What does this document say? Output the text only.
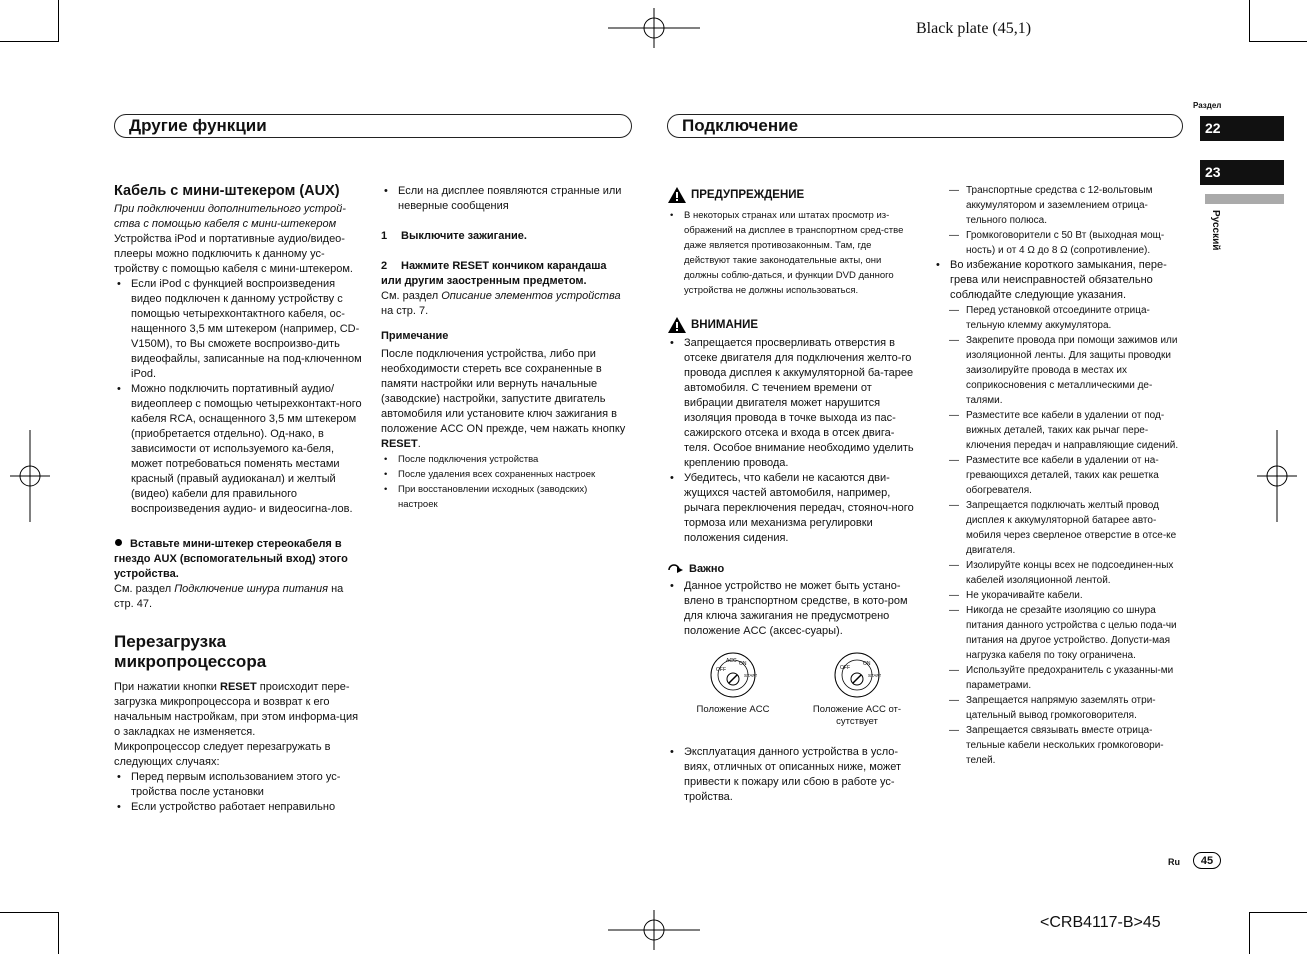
Black plate (45,1)
<CRB4117-B>45
Другие функции	Подключение
Раздел
22
23
Русский
Ru	45
Кабель с мини-штекером (AUX)

При подключении дополнительного устрой-ства с помощью кабеля с мини-штекером

Устройства iPod и портативные аудио/видео-плееры можно подключить к данному ус-тройству с помощью кабеля с мини-штекером.

• Если iPod с функцией воспроизведения видео подключен к данному устройству с помощью четырехконтактного кабеля, ос-нащенного 3,5 мм штекером (например, CD-V150M), то Вы сможете воспроизво-дить видеофайлы, записанные на под-ключенном iPod.
• Можно подключить портативный аудио/видеоплеер с помощью четырехконтакт-ного кабеля RCA, оснащенного 3,5 мм штекером (приобретается отдельно). Од-нако, в зависимости от используемого ка-беля, может потребоваться поменять местами красный (правый аудиоканал) и желтый (видео) кабели для правильного воспроизведения аудио- и видеосигна-лов.

Вставьте мини-штекер стереокабеля в гнездо AUX (вспомогательный вход) этого устройства.

См. раздел Подключение шнура питания на стр. 47.

Перезагрузка микропроцессора

При нажатии кнопки RESET происходит пере-загрузка микропроцессора и возврат к его начальным настройкам, при этом информа-ция о закладках не изменяется.

Микропроцессор следует перезагружать в следующих случаях:

• Перед первым использованием этого ус-тройства после установки
• Если устройство работает неправильно
• Если на дисплее появляются странные или неверные сообщения

1 Выключите зажигание.

2 Нажмите RESET кончиком карандаша или другим заостренным предметом.

См. раздел Описание элементов устройства на стр. 7.

Примечание

После подключения устройства, либо при необходимости стереть все сохраненные в памяти настройки или вернуть начальные (заводские) настройки, запустите двигатель автомобиля или установите ключ зажигания в положение ACC ON прежде, чем нажать кнопку RESET.

• После подключения устройства
• После удаления всех сохраненных настроек
• При восстановлении исходных (заводских) настроек
ПРЕДУПРЕЖДЕНИЕ
• В некоторых странах или штатах просмотр из-ображений на дисплее в транспортном сред-стве даже является противозаконным. Там, где действуют такие законодательные акты, они должны соблю-даться, и функции DVD данного устройства не должны использоваться.
ВНИМАНИЕ
• Запрещается просверливать отверстия в отсеке двигателя для подключения желто-го провода дисплея к аккумуляторной ба-тарее автомобиля. С течением времени от вибрации двигателя может нарушится изоляция провода в точке выхода из пас-сажирского отсека и входа в отсек двига-теля. Особое внимание необходимо уделить креплению провода.
• Убедитесь, что кабели не касаются дви-жущихся частей автомобиля, например, рычага переключения передач, стояноч-ного тормоза или механизма регулировки положения сидения.
Важно
• Данное устройство не может быть устано-влено в транспортном средстве, в кото-ром для ключа зажигания не предусмотрено положение ACC (аксес-суары).
OFF
ACC ON
START
Положение ACC
OFF
ON
START
Положение ACC от-сутствует
• Эксплуатация данного устройства в усло-виях, отличных от описанных ниже, может привести к пожару или сбою в работе ус-тройства.
— Транспортные средства с 12-вольтовым аккумулятором и заземлением отрица-тельного полюса.
— Громкоговорители с 50 Вт (выходная мощ-ность) и от 4 Ω до 8 Ω (сопротивление).
• Во избежание короткого замыкания, пере-грева или неисправностей обязательно соблюдайте следующие указания.
— Перед установкой отсоедините отрица-тельную клемму аккумулятора.
— Закрепите провода при помощи зажимов или изоляционной ленты. Для защиты проводки заизолируйте провода в местах их соприкосновения с металлическими де-талями.
— Разместите все кабели в удалении от под-вижных деталей, таких как рычаг пере-ключения передач и направляющие сидений.
— Разместите все кабели в удалении от на-гревающихся деталей, таких как решетка обогревателя.
— Запрещается подключать желтый провод дисплея к аккумуляторной батарее авто-мобиля через сверленое отверстие в отсе-ке двигателя.
— Изолируйте концы всех не подсоединен-ных кабелей изоляционной лентой.
— Не укорачивайте кабели.
— Никогда не срезайте изоляцию со шнура питания данного устройства с целью пода-чи питания на другое устройство. Допусти-мая нагрузка кабеля по току ограничена.
— Используйте предохранитель с указанны-ми параметрами.
— Запрещается напрямую заземлять отри-цательный вывод громкоговорителя.
— Запрещается связывать вместе отрица-тельные кабели нескольких громкоговори-телей.
